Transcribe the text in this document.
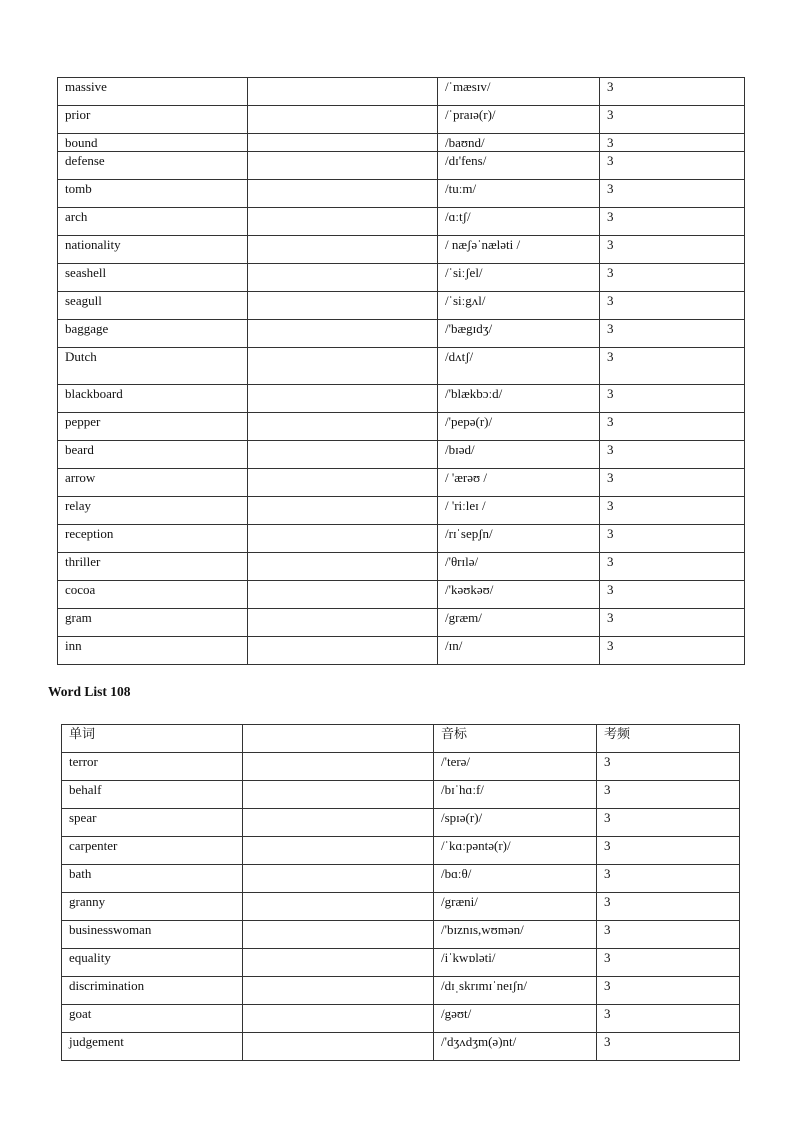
massive		/ˈmæsɪv/	3
prior		/ˈpraɪə(r)/	3
bound		/baʊnd/	3
defense		/dɪ'fens/	3
tomb		/tuːm/	3
arch		/ɑːtʃ/	3
nationality		/ næʃəˈnæləti /	3
seashell		/ˈsiːʃel/	3
seagull		/ˈsiːgʌl/	3
baggage		/'bægɪdʒ/	3
Dutch		/dʌtʃ/	3
blackboard		/'blækbɔːd/	3
pepper		/'pepə(r)/	3
beard		/bɪəd/	3
arrow		/ 'ærəʊ /	3
relay		/ 'riːleɪ /	3
reception		/rɪˈsepʃn/	3
thriller		/'θrɪlə/	3
cocoa		/'kəʊkəʊ/	3
gram		/græm/	3
inn		/ɪn/	3
Word List 108
单词		音标	考频
terror		/'terə/	3
behalf		/bɪˈhɑːf/	3
spear		/spɪə(r)/	3
carpenter		/ˈkɑːpəntə(r)/	3
bath		/bɑːθ/	3
granny		/græni/	3
businesswoman		/'bɪznɪs,wʊmən/	3
equality		/iˈkwɒləti/	3
discrimination		/dɪˌskrɪmɪˈneɪʃn/	3
goat		/gəʊt/	3
judgement		/'dʒʌdʒm(ə)nt/	3
